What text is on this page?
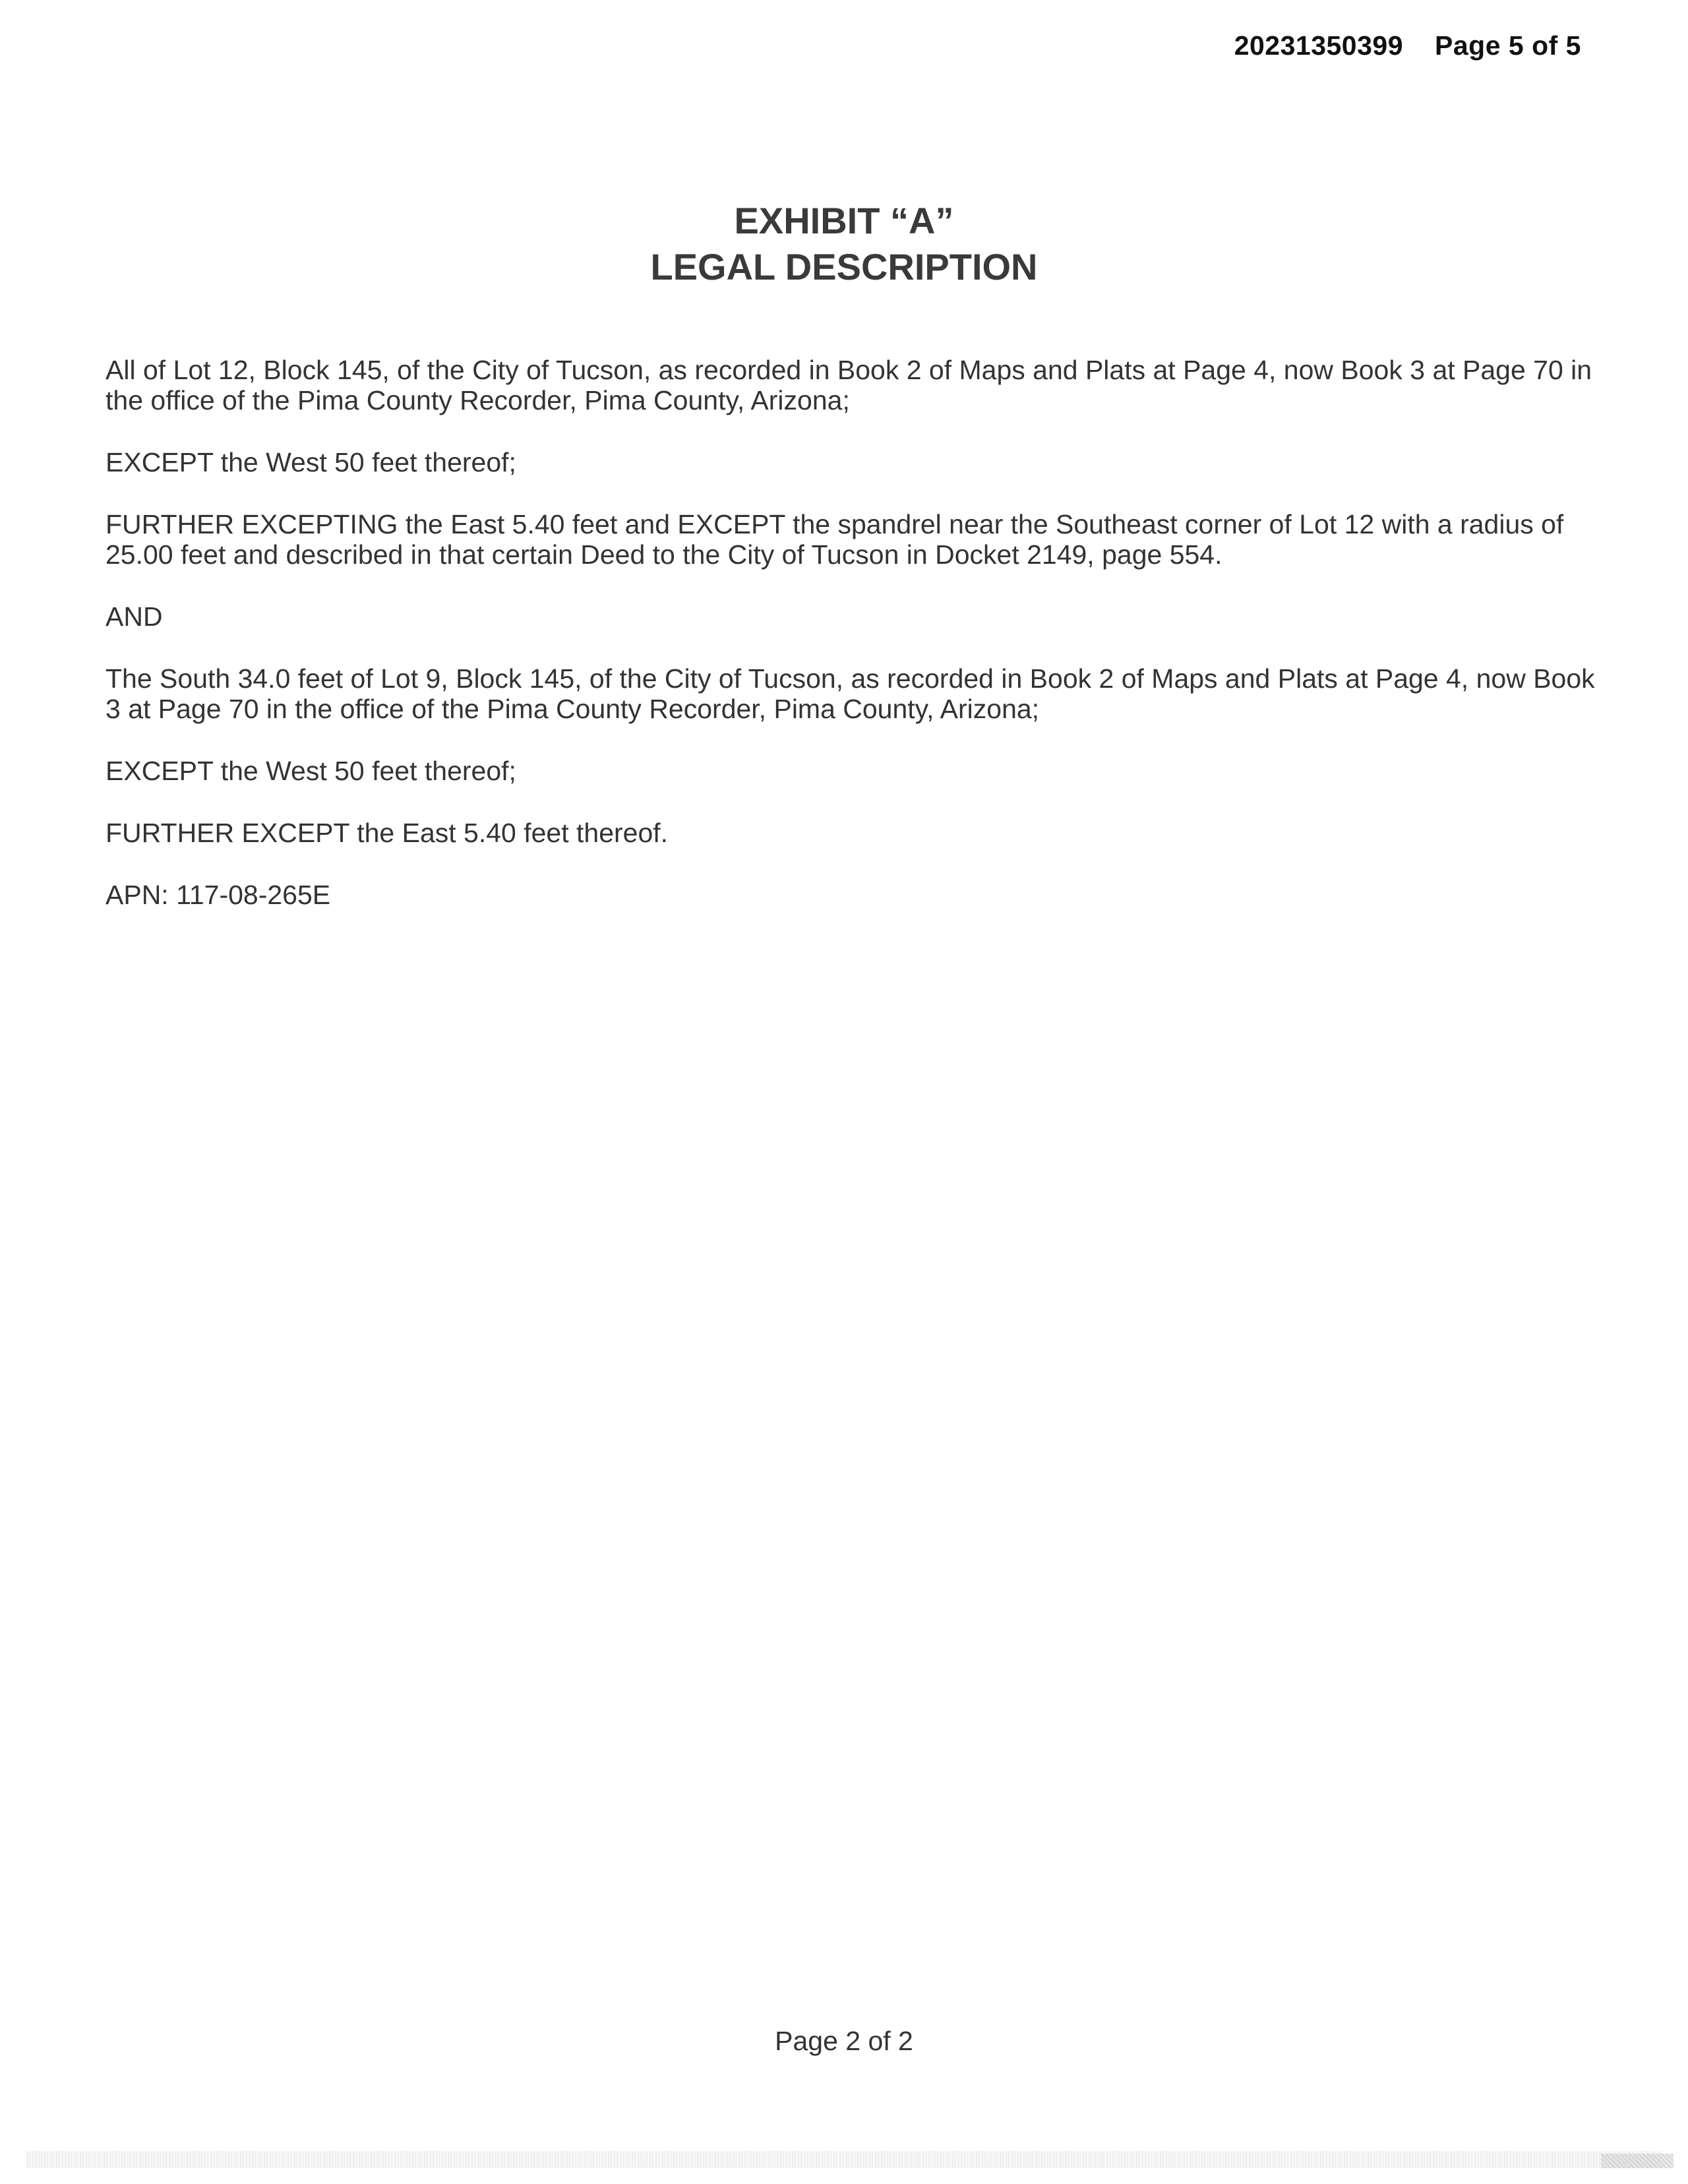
20231350399 Page 5 of 5
EXHIBIT “A”
LEGAL DESCRIPTION

All of Lot 12, Block 145, of the City of Tucson, as recorded in Book 2 of Maps and Plats at Page 4, now Book 3 at Page 70 in the office of the Pima County Recorder, Pima County, Arizona;

EXCEPT the West 50 feet thereof;

FURTHER EXCEPTING the East 5.40 feet and EXCEPT the spandrel near the Southeast corner of Lot 12 with a radius of 25.00 feet and described in that certain Deed to the City of Tucson in Docket 2149, page 554.

AND

The South 34.0 feet of Lot 9, Block 145, of the City of Tucson, as recorded in Book 2 of Maps and Plats at Page 4, now Book 3 at Page 70 in the office of the Pima County Recorder, Pima County, Arizona;

EXCEPT the West 50 feet thereof;

FURTHER EXCEPT the East 5.40 feet thereof.

APN: 117-08-265E

Page 2 of 2
